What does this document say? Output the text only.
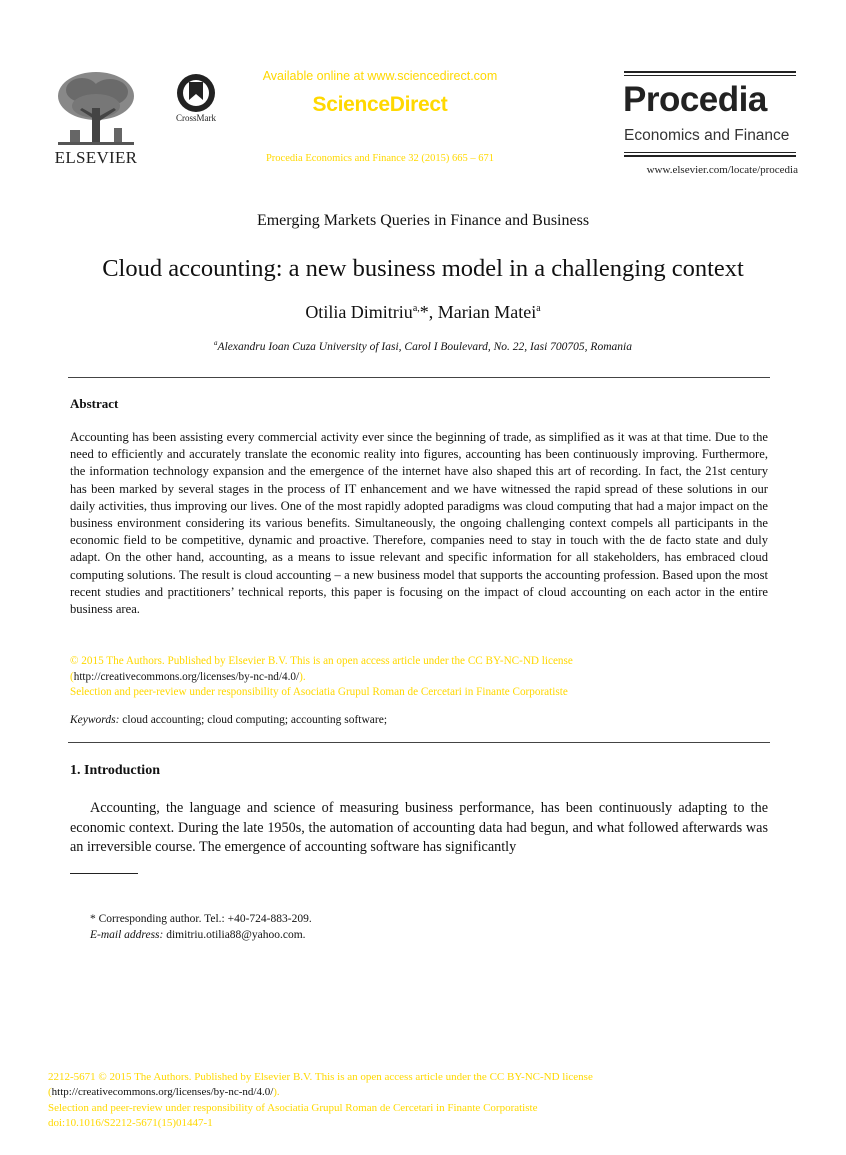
ELSEVIER
CrossMark
Available online at www.sciencedirect.com
ScienceDirect
Procedia Economics and Finance 32 (2015) 665 – 671
Procedia
Economics and Finance
www.elsevier.com/locate/procedia
Emerging Markets Queries in Finance and Business
Cloud accounting: a new business model in a challenging context
Otilia Dimitriu$^{a,}$*, Marian Matei$^a$
$^a$Alexandru Ioan Cuza University of Iasi, Carol I Boulevard, No. 22, Iasi 700705, Romania
Abstract
Accounting has been assisting every commercial activity ever since the beginning of trade, as simplified as it was at that time. Due to the need to efficiently and accurately translate the economic reality into figures, accounting has been continuously improving. Furthermore, the information technology expansion and the emergence of the internet have also shaped this art of recording. In fact, the 21st century has been marked by several stages in the process of IT enhancement and we have witnessed the rapid spread of these solutions in our daily activities, thus improving our lives. One of the most rapidly adopted paradigms was cloud computing that had a major impact on the business environment considering its various benefits. Simultaneously, the ongoing challenging context compels all participants in the economic field to be competitive, dynamic and proactive. Therefore, companies need to stay in touch with the de facto state and duly adapt. On the other hand, accounting, as a means to issue relevant and specific information for all stakeholders, has embraced cloud computing solutions. The result is cloud accounting – a new business model that supports the accounting profession. Based upon the most recent studies and practitioners’ technical reports, this paper is focusing on the impact of cloud accounting on each actor in the entire business area.
© 2015 The Authors. Published by Elsevier B.V. This is an open access article under the CC BY-NC-ND license
(http://creativecommons.org/licenses/by-nc-nd/4.0/).
Selection and peer-review under responsibility of Asociatia Grupul Roman de Cercetari in Finante Corporatiste
Keywords: cloud accounting; cloud computing; accounting software;
1. Introduction
Accounting, the language and science of measuring business performance, has been continuously adapting to the economic context. During the late 1950s, the automation of accounting data had begun, and what followed afterwards was an irreversible course. The emergence of accounting software has significantly
* Corresponding author. Tel.: +40-724-883-209.
E-mail address: dimitriu.otilia88@yahoo.com.
2212-5671 © 2015 The Authors. Published by Elsevier B.V. This is an open access article under the CC BY-NC-ND license
(http://creativecommons.org/licenses/by-nc-nd/4.0/).
Selection and peer-review under responsibility of Asociatia Grupul Roman de Cercetari in Finante Corporatiste
doi:10.1016/S2212-5671(15)01447-1
